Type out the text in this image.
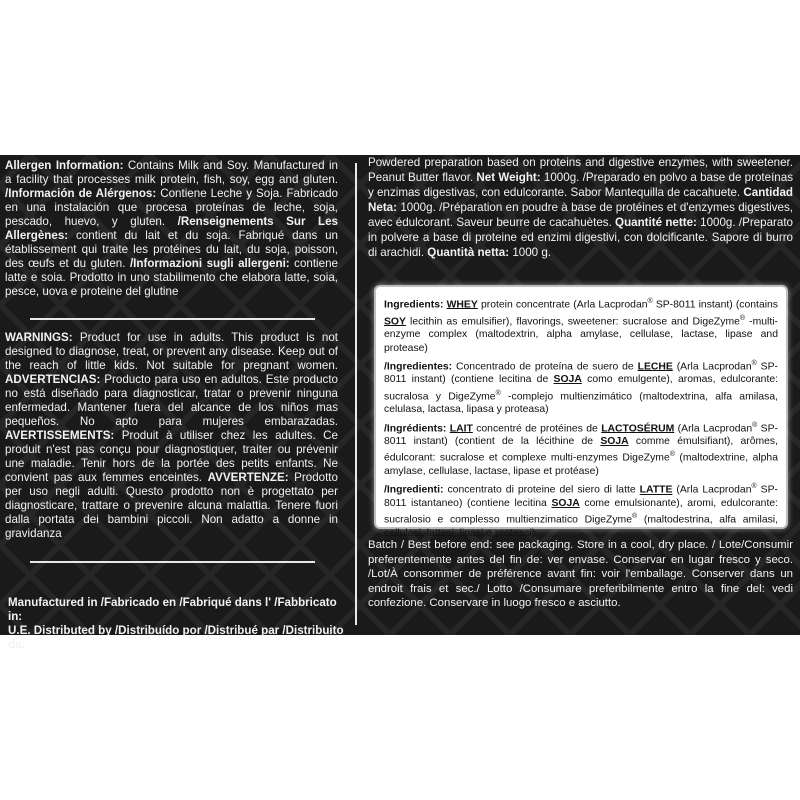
Allergen Information: Contains Milk and Soy. Manufactured in a facility that processes milk protein, fish, soy, egg and gluten. /Información de Alérgenos: Contiene Leche y Soja. Fabricado en una instalación que procesa proteínas de leche, soja, pescado, huevo, y gluten. /Renseignements Sur Les Allergènes: contient du lait et du soja. Fabriqué dans un établissement qui traite les protéines du lait, du soja, poisson, des œufs et du gluten. /Informazioni sugli allergeni: contiene latte e soia. Prodotto in uno stabilimento che elabora latte, soia, pesce, uova e proteine del glutine

WARNINGS: Product for use in adults. This product is not designed to diagnose, treat, or prevent any disease. Keep out of the reach of little kids. Not suitable for pregnant women. ADVERTENCIAS: Producto para uso en adultos. Este producto no está diseñado para diagnosticar, tratar o prevenir ninguna enfermedad. Mantener fuera del alcance de los niños mas pequeños. No apto para mujeres embarazadas. AVERTISSEMENTS: Produit à utiliser chez les adultes. Ce produit n'est pas conçu pour diagnostiquer, traiter ou prévenir une maladie. Tenir hors de la portée des petits enfants. Ne convient pas aux femmes enceintes. AVVERTENZE: Prodotto per uso negli adulti. Questo prodotto non è progettato per diagnosticare, trattare o prevenire alcuna malattia. Tenere fuori dalla portata dei bambini piccoli. Non adatto a donne in gravidanza

Manufactured in /Fabricado en /Fabriqué dans l' /Fabbricato in:
U.E. Distributed by /Distribuído por /Distribué par /Distribuito da:

Powdered preparation based on proteins and digestive enzymes, with sweetener. Peanut Butter flavor. Net Weight: 1000g. /Preparado en polvo a base de proteínas y enzimas digestivas, con edulcorante. Sabor Mantequilla de cacahuete. Cantidad Neta: 1000g. /Préparation en poudre à base de protéines et d'enzymes digestives, avec édulcorant. Saveur beurre de cacahuètes. Quantité nette: 1000g. /Preparato in polvere a base di proteine ed enzimi digestivi, con dolcificante. Sapore di burro di arachidi. Quantità netta: 1000 g.

Ingredients: WHEY protein concentrate (Arla Lacprodan® SP-8011 instant) (contains SOY lecithin as emulsifier), flavorings, sweetener: sucralose and DigeZyme® -multi-enzyme complex (maltodextrin, alpha amylase, cellulase, lactase, lipase and protease)

/Ingredientes: Concentrado de proteína de suero de LECHE (Arla Lacprodan® SP-8011 instant) (contiene lecitina de SOJA como emulgente), aromas, edulcorante: sucralosa y DigeZyme® -complejo multienzimático (maltodextrina, alfa amilasa, celulasa, lactasa, lipasa y proteasa)

/Ingrédients: LAIT concentré de protéines de LACTOSÉRUM (Arla Lacprodan® SP-8011 instant) (contient de la lécithine de SOJA comme émulsifiant), arômes, édulcorant: sucralose et complexe multi-enzymes DigeZyme® (maltodextrine, alpha amylase, cellulase, lactase, lipase et protéase)

/Ingredienti: concentrato di proteine del siero di latte LATTE (Arla Lacprodan® SP-8011 istantaneo) (contiene lecitina SOJA come emulsionante), aromi, edulcorante: sucralosio e complesso multienzimatico DigeZyme® (maltodestrina, alfa amilasi, cellulasi, lattasi, lipasi e proteasi)

Batch / Best before end: see packaging. Store in a cool, dry place. / Lote/Consumir preferentemente antes del fin de: ver envase. Conservar en lugar fresco y seco. /Lot/À consommer de préférence avant fin: voir l'emballage. Conserver dans un endroit frais et sec./ Lotto /Consumare preferibilmente entro la fine del: vedi confezione. Conservare in luogo fresco e asciutto.
